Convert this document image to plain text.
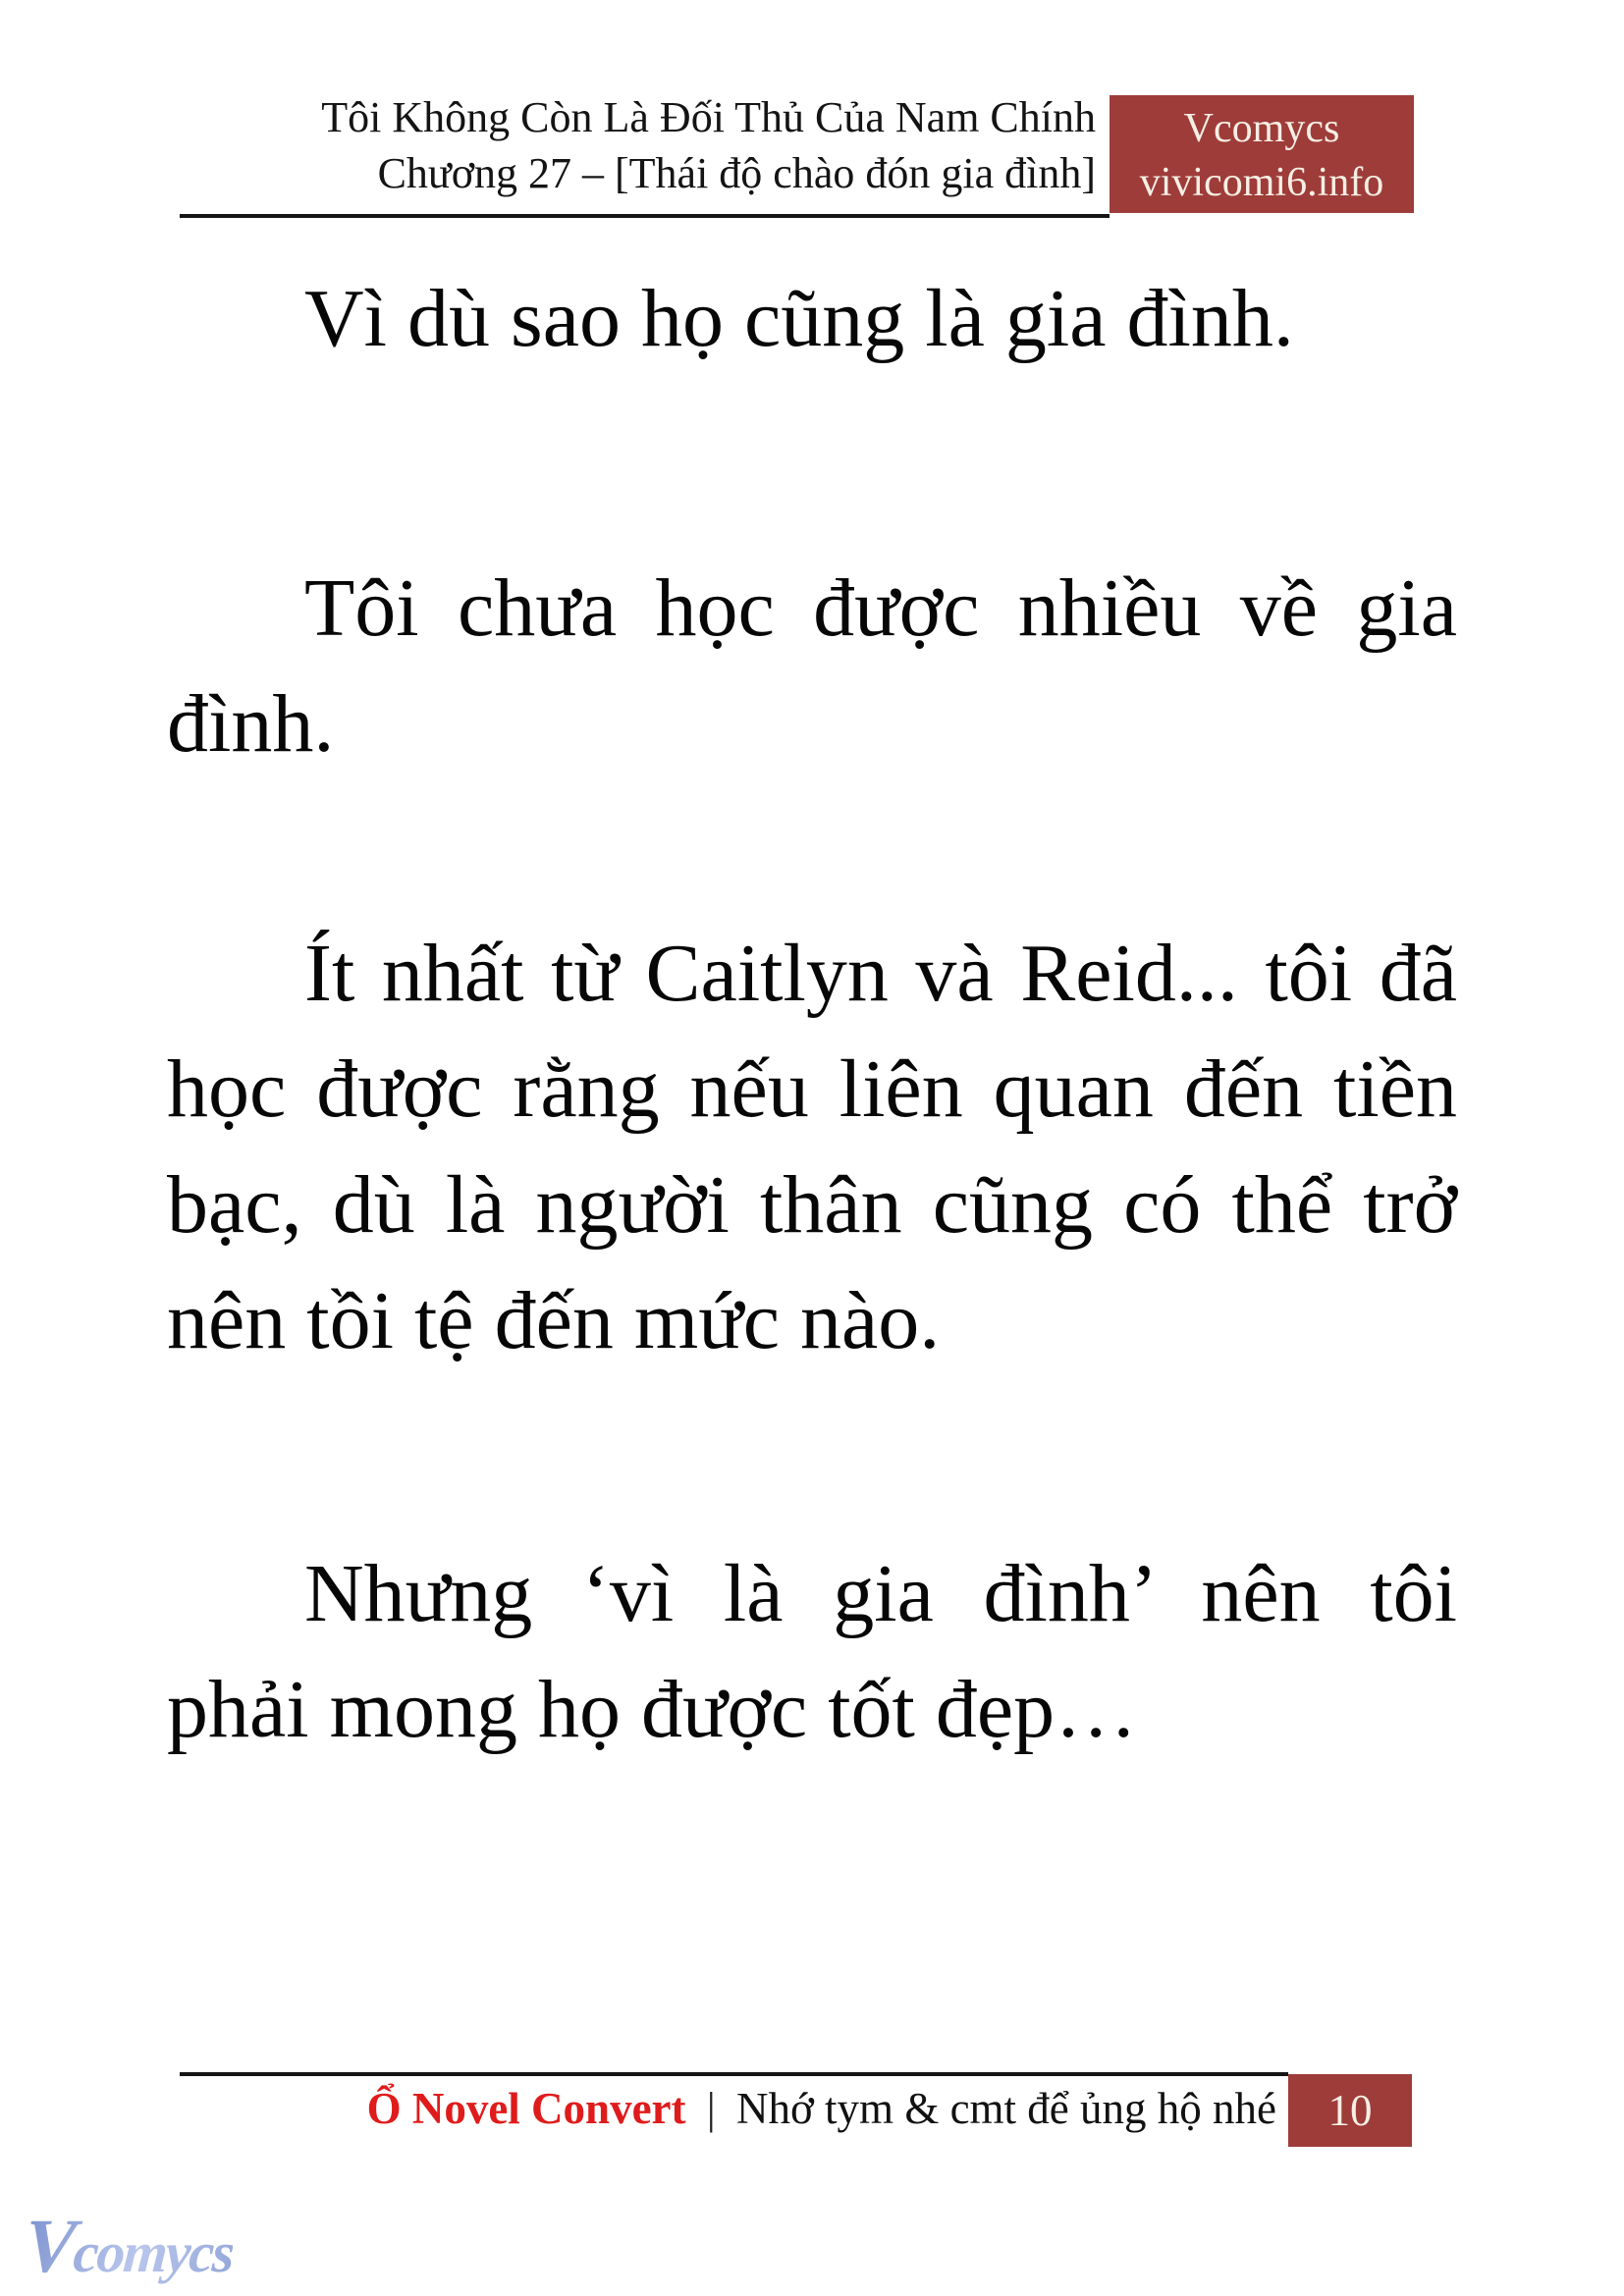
Tôi Không Còn Là Đối Thủ Của Nam Chính
Chương 27 – [Thái độ chào đón gia đình]
Vcomycs
vivicomi6.info
Vì dù sao họ cũng là gia đình.
Tôi chưa học được nhiều về gia
đình.
Ít nhất từ Caitlyn và Reid... tôi đã
học được rằng nếu liên quan đến tiền
bạc, dù là người thân cũng có thể trở
nên tồi tệ đến mức nào.
Nhưng ‘vì là gia đình’ nên tôi
phải mong họ được tốt đẹp…
Ổ Novel Convert | Nhớ tym & cmt để ủng hộ nhé	10
Vcomycs
